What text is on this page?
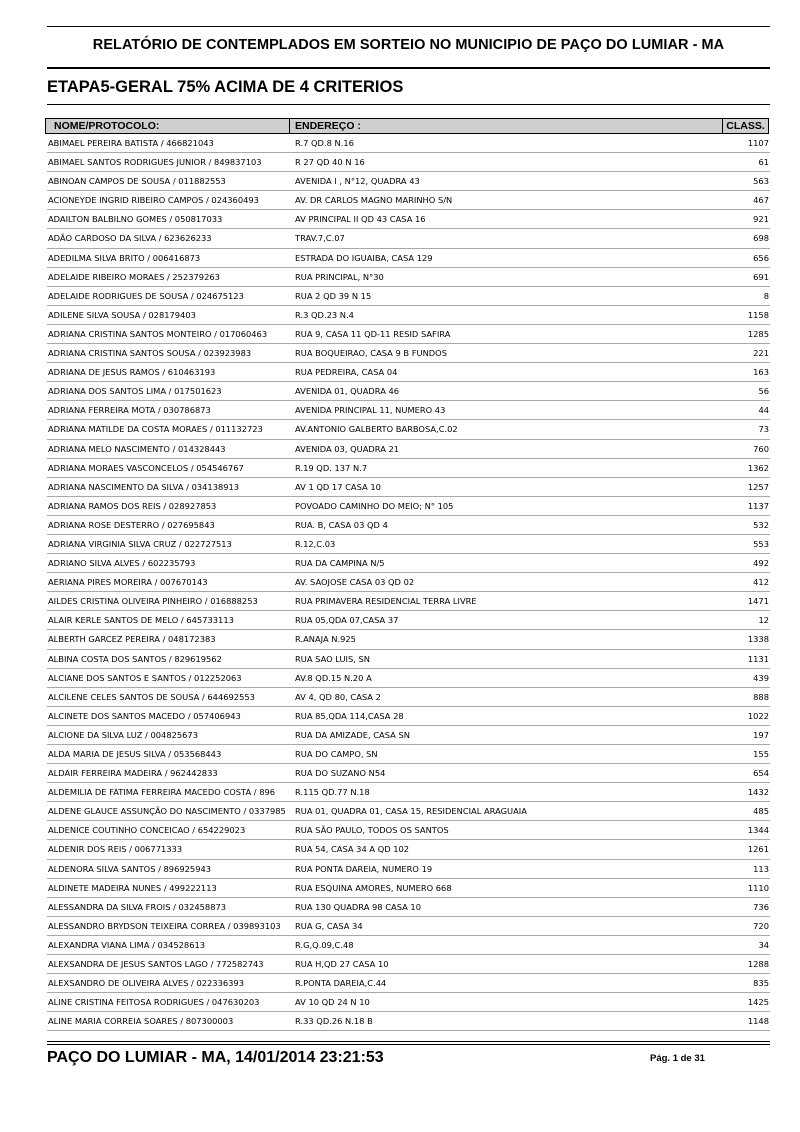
RELATÓRIO DE CONTEMPLADOS EM SORTEIO NO MUNICIPIO DE PAÇO DO LUMIAR - MA
ETAPA5-GERAL 75% ACIMA DE 4 CRITERIOS
NOME/PROTOCOLO:	ENDEREÇO :	CLASS.
ABIMAEL PEREIRA BATISTA / 466821043	R.7 QD.8 N.16	1107
ABIMAEL SANTOS RODRIGUES JUNIOR / 849837103	R 27 QD 40 N 16	61
ABINOAN CAMPOS DE SOUSA / 011882553	AVENIDA I , N°12, QUADRA 43	563
ACIONEYDE INGRID RIBEIRO CAMPOS / 024360493	AV. DR CARLOS MAGNO MARINHO S/N	467
ADAILTON BALBILNO GOMES / 050817033	AV PRINCIPAL II QD 43 CASA 16	921
ADÃO CARDOSO DA SILVA / 623626233	TRAV.7,C.07	698
ADEDILMA SILVA BRITO / 006416873	ESTRADA DO IGUAIBA, CASA 129	656
ADELAIDE RIBEIRO MORAES / 252379263	RUA PRINCIPAL, N°30	691
ADELAIDE RODRIGUES DE SOUSA / 024675123	RUA 2 QD 39 N 15	8
ADILENE SILVA SOUSA / 028179403	R.3 QD.23 N.4	1158
ADRIANA CRISTINA SANTOS MONTEIRO / 017060463	RUA 9, CASA 11 QD-11 RESID SAFIRA	1285
ADRIANA CRISTINA SANTOS SOUSA / 023923983	RUA BOQUEIRAO, CASA 9 B FUNDOS	221
ADRIANA DE JESUS RAMOS / 610463193	RUA PEDREIRA, CASA 04	163
ADRIANA DOS SANTOS LIMA / 017501623	AVENIDA 01, QUADRA 46	56
ADRIANA FERREIRA MOTA / 030786873	AVENIDA PRINCIPAL 11, NUMERO 43	44
ADRIANA MATILDE DA COSTA MORAES / 011132723	AV.ANTONIO GALBERTO BARBOSA,C.02	73
ADRIANA MELO NASCIMENTO / 014328443	AVENIDA 03, QUADRA 21	760
ADRIANA MORAES VASCONCELOS / 054546767	R.19 QD. 137 N.7	1362
ADRIANA NASCIMENTO DA SILVA / 034138913	AV 1 QD 17 CASA 10	1257
ADRIANA RAMOS DOS REIS / 028927853	POVOADO CAMINHO DO MEIO; N° 105	1137
ADRIANA ROSE DESTERRO / 027695843	RUA. B, CASA 03 QD 4	532
ADRIANA VIRGINIA SILVA CRUZ / 022727513	R.12,C.03	553
ADRIANO SILVA ALVES / 602235793	RUA DA CAMPINA N/5	492
AERIANA PIRES MOREIRA / 007670143	AV. SAOJOSE CASA 03 QD 02	412
AILDES CRISTINA OLIVEIRA PINHEIRO / 016888253	RUA PRIMAVERA RESIDENCIAL TERRA LIVRE	1471
ALAIR KERLE SANTOS DE MELO / 645733113	RUA 05,QDA 07,CASA 37	12
ALBERTH GARCEZ PEREIRA / 048172383	R.ANAJA N.925	1338
ALBINA COSTA DOS SANTOS / 829619562	RUA SAO LUIS, SN	1131
ALCIANE DOS SANTOS E SANTOS / 012252063	AV.8 QD.15 N.20 A	439
ALCILENE CELES SANTOS DE SOUSA / 644692553	AV 4, QD 80, CASA 2	888
ALCINETE DOS SANTOS MACEDO / 057406943	RUA 85,QDA 114,CASA 28	1022
ALCIONE DA SILVA LUZ / 004825673	RUA DA AMIZADE, CASA SN	197
ALDA MARIA DE JESUS SILVA / 053568443	RUA DO CAMPO, SN	155
ALDAIR FERREIRA MADEIRA / 962442833	RUA DO SUZANO N54	654
ALDEMILIA DE FATIMA FERREIRA MACEDO COSTA / 896	R.115 QD.77 N.18	1432
ALDENE GLAUCE ASSUNÇÃO DO NASCIMENTO / 0337985	RUA 01, QUADRA 01, CASA 15, RESIDENCIAL ARAGUAIA	485
ALDENICE COUTINHO CONCEICAO / 654229023	RUA SÃO PAULO, TODOS OS SANTOS	1344
ALDENIR DOS REIS / 006771333	RUA 54, CASA 34 A QD 102	1261
ALDENORA SILVA SANTOS / 896925943	RUA PONTA DAREIA, NUMERO 19	113
ALDINETE MADEIRA NUNES / 499222113	RUA ESQUINA AMORES, NUMERO 668	1110
ALESSANDRA DA SILVA FROIS / 032458873	RUA 130 QUADRA 98 CASA 10	736
ALESSANDRO BRYDSON TEIXEIRA CORREA / 039893103	RUA G, CASA 34	720
ALEXANDRA VIANA LIMA / 034528613	R.G,Q.09,C.48	34
ALEXSANDRA DE JESUS SANTOS LAGO / 772582743	RUA H,QD 27 CASA 10	1288
ALEXSANDRO DE OLIVEIRA ALVES / 022336393	R.PONTA DAREIA,C.44	835
ALINE CRISTINA FEITOSA RODRIGUES / 047630203	AV 10 QD 24 N 10	1425
ALINE MARIA CORREIA SOARES / 807300003	R.33 QD.26 N.18 B	1148
PAÇO DO LUMIAR - MA, 14/01/2014 23:21:53	Pág. 1 de 31
